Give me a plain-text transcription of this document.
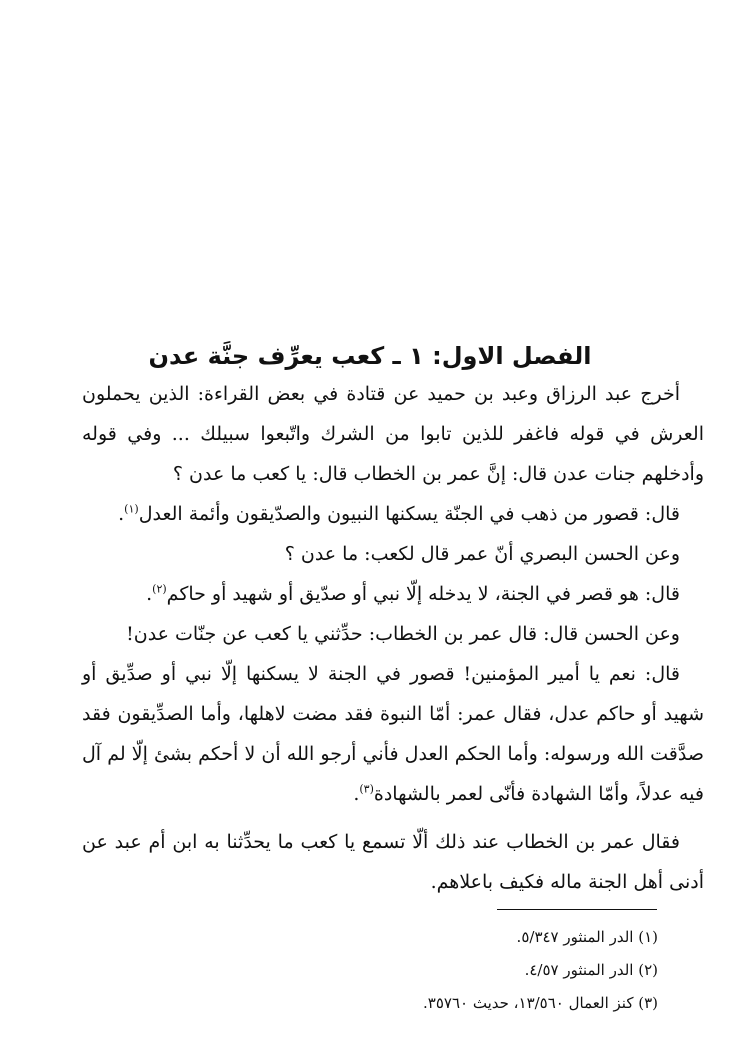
الفصل الاول: ١ ـ كعب يعرِّف جنَّة عدن

أخرج عبد الرزاق وعبد بن حميد عن قتادة في بعض القراءة: الذين يحملون العرش في قوله فاغفر للذين تابوا من الشرك واتّبعوا سبيلك ... وفي قوله وأدخلهم جنات عدن قال: إنَّ عمر بن الخطاب قال: يا كعب ما عدن ؟

قال: قصور من ذهب في الجنّة يسكنها النبيون والصدّيقون وأئمة العدل$^{(١)}$.

وعن الحسن البصري أنّ عمر قال لكعب: ما عدن ؟

قال: هو قصر في الجنة، لا يدخله إلّا نبي أو صدّيق أو شهيد أو حاكم$^{(٢)}$.

وعن الحسن قال: قال عمر بن الخطاب: حدِّثني يا كعب عن جنّات عدن!

قال: نعم يا أمير المؤمنين! قصور في الجنة لا يسكنها إلّا نبي أو صدِّيق أو شهيد أو حاكم عدل، فقال عمر: أمّا النبوة فقد مضت لاهلها، وأما الصدِّيقون فقد صدَّقت الله ورسوله: وأما الحكم العدل فأني أرجو الله أن لا أحكم بشئ إلّا لم آل فيه عدلاً، وأمّا الشهادة فأنّى لعمر بالشهادة$^{(٣)}$.

فقال عمر بن الخطاب عند ذلك ألّا تسمع يا كعب ما يحدِّثنا به ابن أم عبد عن أدنى أهل الجنة ماله فكيف باعلاهم.

(١) الدر المنثور ٥/٣٤٧.
(٢) الدر المنثور ٤/٥٧.
(٣) كنز العمال ١٣/٥٦٠، حديث ٣٥٧٦٠.
